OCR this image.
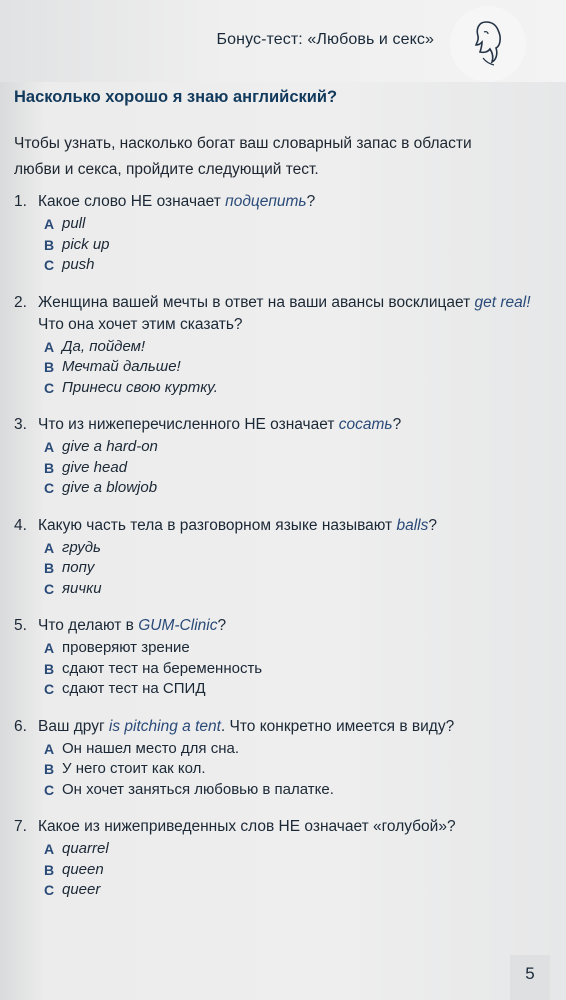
Бонус-тест: «Любовь и секс»
Насколько хорошо я знаю английский?
Чтобы узнать, насколько богат ваш словарный запас в области
любви и секса, пройдите следующий тест.
1. Какое слово НЕ означает подцепить?
A pull
B pick up
C push
2. Женщина вашей мечты в ответ на ваши авансы восклицает get real! Что она хочет этим сказать?
A Да, пойдем!
B Мечтай дальше!
C Принеси свою куртку.
3. Что из нижеперечисленного НЕ означает сосать?
A give a hard-on
B give head
C give a blowjob
4. Какую часть тела в разговорном языке называют balls?
A грудь
B попу
C яички
5. Что делают в GUM-Clinic?
A проверяют зрение
B сдают тест на беременность
C сдают тест на СПИД
6. Ваш друг is pitching a tent. Что конкретно имеется в виду?
A Он нашел место для сна.
B У него стоит как кол.
C Он хочет заняться любовью в палатке.
7. Какое из нижеприведенных слов НЕ означает «голубой»?
A quarrel
B queen
C queer
5
